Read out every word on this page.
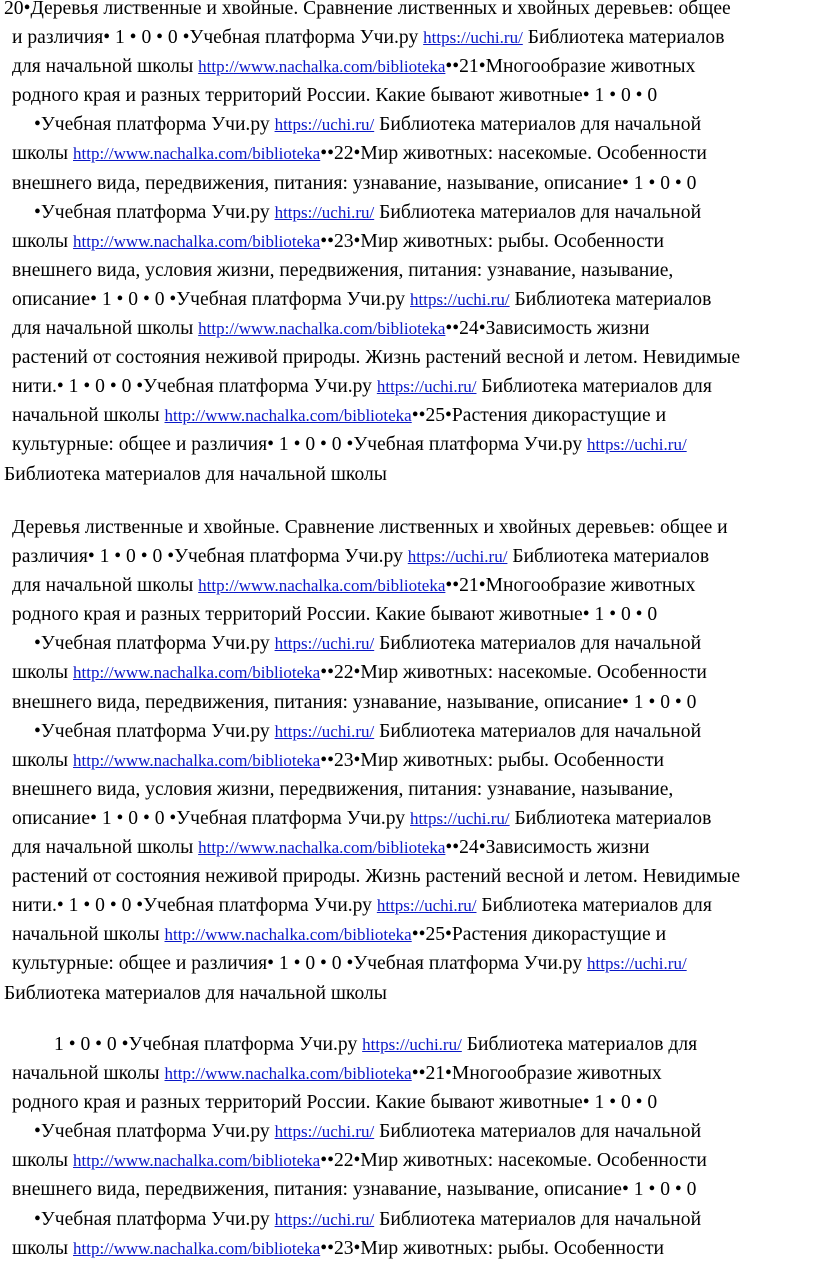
20•Деревья лиственные и хвойные. Сравнение лиственных и хвойных деревьев: общее
и различия• 1 • 0 • 0 •Учебная платформа Учи.ру https://uchi.ru/ Библиотека материалов
для начальной школы http://www.nachalka.com/biblioteka••21•Многообразие животных
родного края и разных территорий России. Какие бывают животные• 1 • 0 • 0
•Учебная платформа Учи.ру https://uchi.ru/ Библиотека материалов для начальной
школы http://www.nachalka.com/biblioteka••22•Мир животных: насекомые. Особенности
внешнего вида, передвижения, питания: узнавание, называние, описание• 1 • 0 • 0
•Учебная платформа Учи.ру https://uchi.ru/ Библиотека материалов для начальной
школы http://www.nachalka.com/biblioteka••23•Мир животных: рыбы. Особенности
внешнего вида, условия жизни, передвижения, питания: узнавание, называние,
описание• 1 • 0 • 0 •Учебная платформа Учи.ру https://uchi.ru/ Библиотека материалов
для начальной школы http://www.nachalka.com/biblioteka••24•Зависимость жизни
растений от состояния неживой природы. Жизнь растений весной и летом. Невидимые
нити.• 1 • 0 • 0 •Учебная платформа Учи.ру https://uchi.ru/ Библиотека материалов для
начальной школы http://www.nachalka.com/biblioteka••25•Растения дикорастущие и
культурные: общее и различия• 1 • 0 • 0 •Учебная платформа Учи.ру https://uchi.ru/
Библиотека материалов для начальной школы
Деревья лиственные и хвойные. Сравнение лиственных и хвойных деревьев: общее и
различия• 1 • 0 • 0 •Учебная платформа Учи.ру https://uchi.ru/ Библиотека материалов
для начальной школы http://www.nachalka.com/biblioteka••21•Многообразие животных
родного края и разных территорий России. Какие бывают животные• 1 • 0 • 0
•Учебная платформа Учи.ру https://uchi.ru/ Библиотека материалов для начальной
школы http://www.nachalka.com/biblioteka••22•Мир животных: насекомые. Особенности
внешнего вида, передвижения, питания: узнавание, называние, описание• 1 • 0 • 0
•Учебная платформа Учи.ру https://uchi.ru/ Библиотека материалов для начальной
школы http://www.nachalka.com/biblioteka••23•Мир животных: рыбы. Особенности
внешнего вида, условия жизни, передвижения, питания: узнавание, называние,
описание• 1 • 0 • 0 •Учебная платформа Учи.ру https://uchi.ru/ Библиотека материалов
для начальной школы http://www.nachalka.com/biblioteka••24•Зависимость жизни
растений от состояния неживой природы. Жизнь растений весной и летом. Невидимые
нити.• 1 • 0 • 0 •Учебная платформа Учи.ру https://uchi.ru/ Библиотека материалов для
начальной школы http://www.nachalka.com/biblioteka••25•Растения дикорастущие и
культурные: общее и различия• 1 • 0 • 0 •Учебная платформа Учи.ру https://uchi.ru/
Библиотека материалов для начальной школы
1 • 0 • 0 •Учебная платформа Учи.ру https://uchi.ru/ Библиотека материалов для
начальной школы http://www.nachalka.com/biblioteka••21•Многообразие животных
родного края и разных территорий России. Какие бывают животные• 1 • 0 • 0
•Учебная платформа Учи.ру https://uchi.ru/ Библиотека материалов для начальной
школы http://www.nachalka.com/biblioteka••22•Мир животных: насекомые. Особенности
внешнего вида, передвижения, питания: узнавание, называние, описание• 1 • 0 • 0
•Учебная платформа Учи.ру https://uchi.ru/ Библиотека материалов для начальной
школы http://www.nachalka.com/biblioteka••23•Мир животных: рыбы. Особенности
